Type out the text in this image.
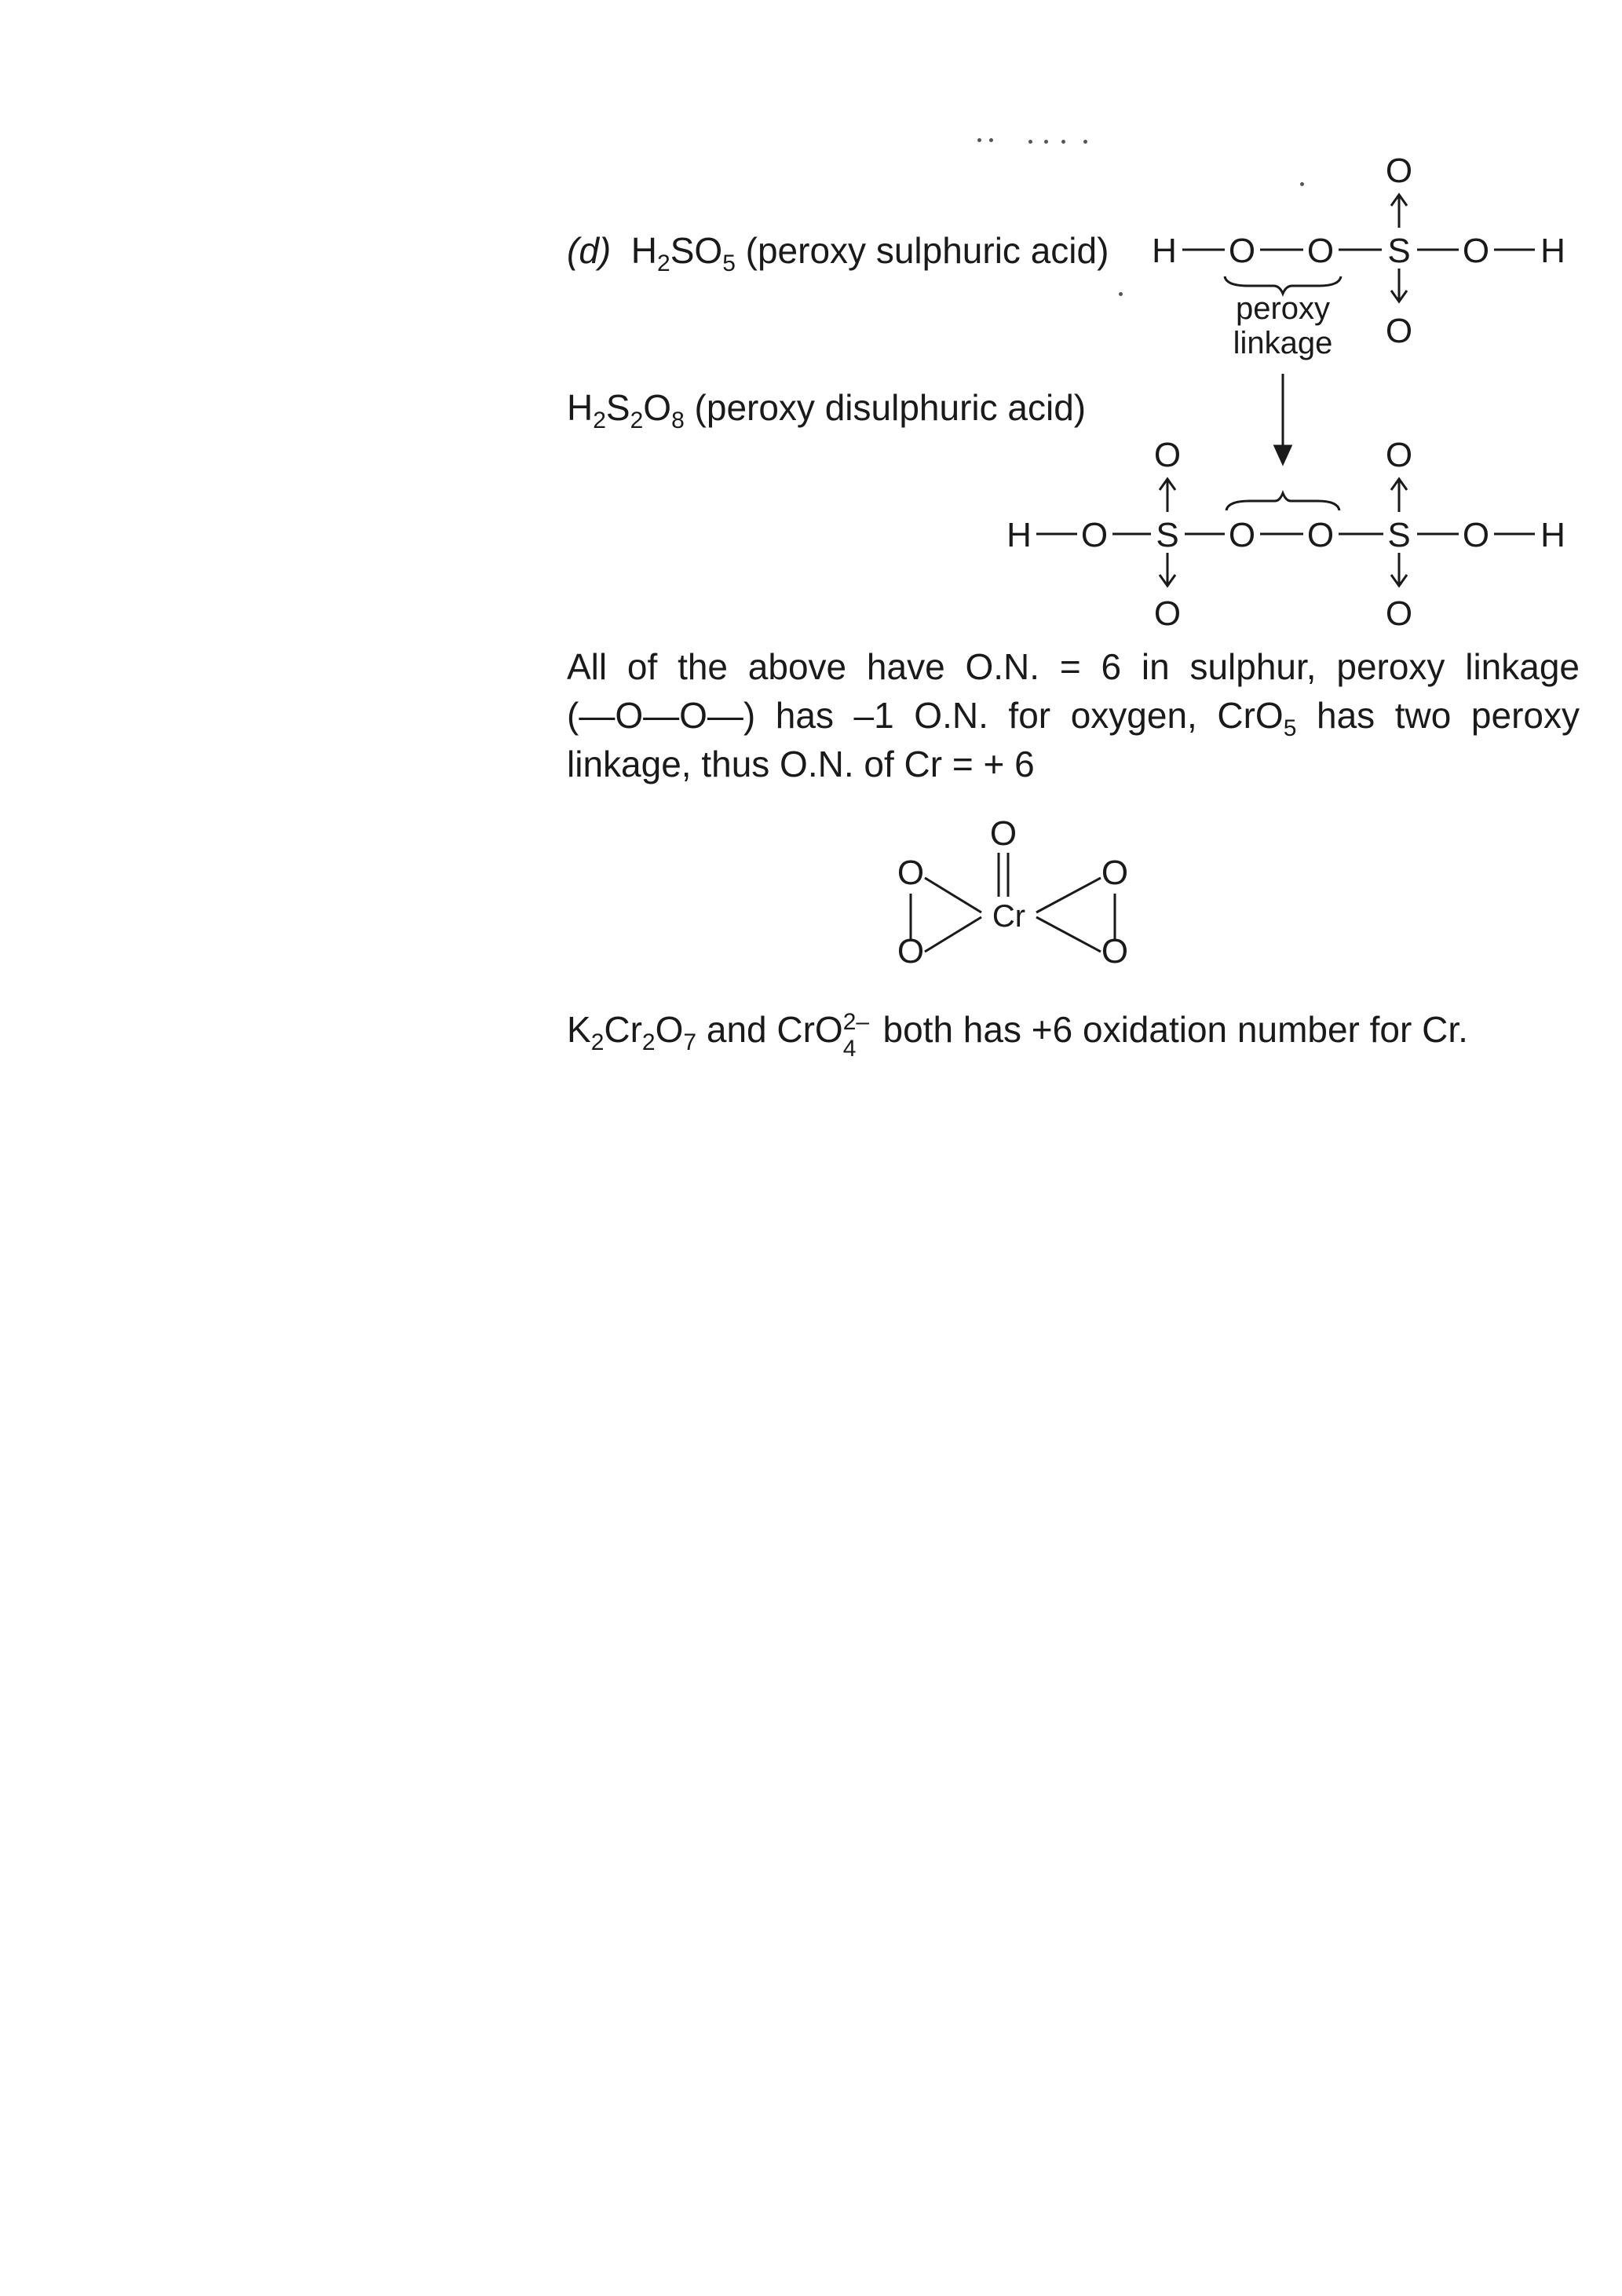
(d) $H_2SO_5$ (peroxy sulphuric acid)
$H_2S_2O_8$ (peroxy disulphuric acid)
H O O S O H
O
O
peroxy
linkage
H O S O O S O H
O
O
O
O
O
Cr
O
O
O
O
All of the above have O.N. = 6 in sulphur, peroxy linkage
(—O—O—) has –1 O.N. for oxygen, CrO$_5$ has two peroxy
linkage, thus O.N. of Cr = + 6
$K_2Cr_2O_7$ and CrO 2–
4 both has +6 oxidation number for Cr.
